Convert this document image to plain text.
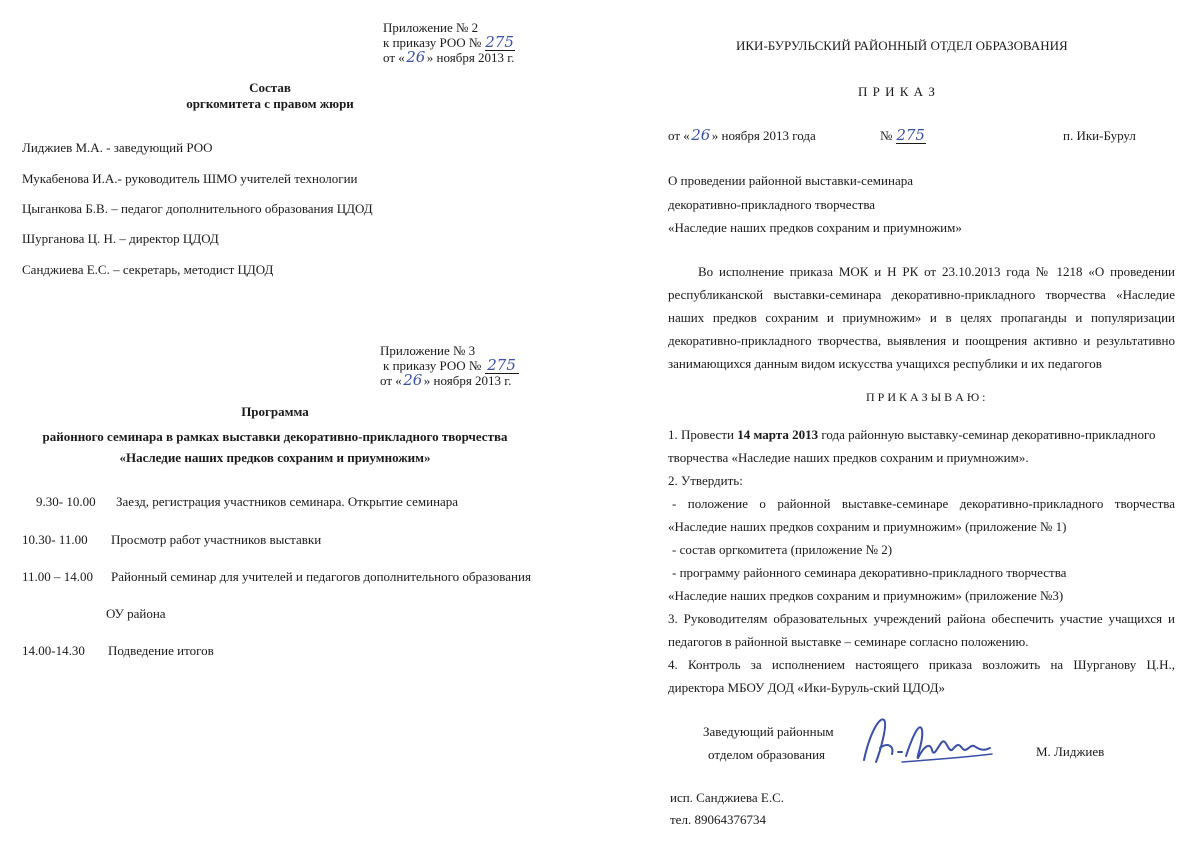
Приложение № 2
к приказу РОО № 275
от «26» ноября 2013 г.
Состав
оргкомитета с правом жюри
Лиджиев М.А. - заведующий РОО
Мукабенова И.А.- руководитель ШМО учителей технологии
Цыганкова Б.В. – педагог дополнительного образования ЦДОД
Шурганова Ц. Н. – директор ЦДОД
Санджиева Е.С. – секретарь, методист ЦДОД
Приложение № 3
к приказу РОО № 275
от «26» ноября 2013 г.
Программа
районного семинара в рамках выставки декоративно-прикладного творчества
«Наследие наших предков сохраним и приумножим»
9.30- 10.00 Заезд, регистрация участников семинара. Открытие семинара
10.30- 11.00 Просмотр работ участников выставки
11.00 – 14.00 Районный семинар для учителей и педагогов дополнительного образования
ОУ района
14.00-14.30 Подведение итогов
ИКИ-БУРУЛЬСКИЙ РАЙОННЫЙ ОТДЕЛ ОБРАЗОВАНИЯ
П Р И К А З
от «26» ноября 2013 года	№ 275	п. Ики-Бурул
О проведении районной выставки-семинара
декоративно-прикладного творчества
«Наследие наших предков сохраним и приумножим»
Во исполнение приказа МОК и Н РК от 23.10.2013 года № 1218 «О проведении
республиканской выставки-семинара декоративно-прикладного творчества «Наследие
наших предков сохраним и приумножим» и в целях пропаганды и популяризации
декоративно-прикладного творчества, выявления и поощрения активно и результативно
занимающихся данным видом искусства учащихся республики и их педагогов
П Р И К А З Ы В А Ю :
1. Провести 14 марта 2013 года районную выставку-семинар декоративно-прикладного
творчества «Наследие наших предков сохраним и приумножим».
2. Утвердить:
- положение о районной выставке-семинаре декоративно-прикладного творчества
«Наследие наших предков сохраним и приумножим» (приложение № 1)
- состав оргкомитета (приложение № 2)
- программу районного семинара декоративно-прикладного творчества
«Наследие наших предков сохраним и приумножим» (приложение №3)
3. Руководителям образовательных учреждений района обеспечить участие учащихся и
педагогов в районной выставке – семинаре согласно положению.
4. Контроль за исполнением настоящего приказа возложить на Шурганову Ц.Н.,
директора МБОУ ДОД «Ики-Буруль-ский ЦДОД»
Заведующий районным
отделом образования	М. Лиджиев
исп. Санджиева Е.С.
тел. 89064376734
